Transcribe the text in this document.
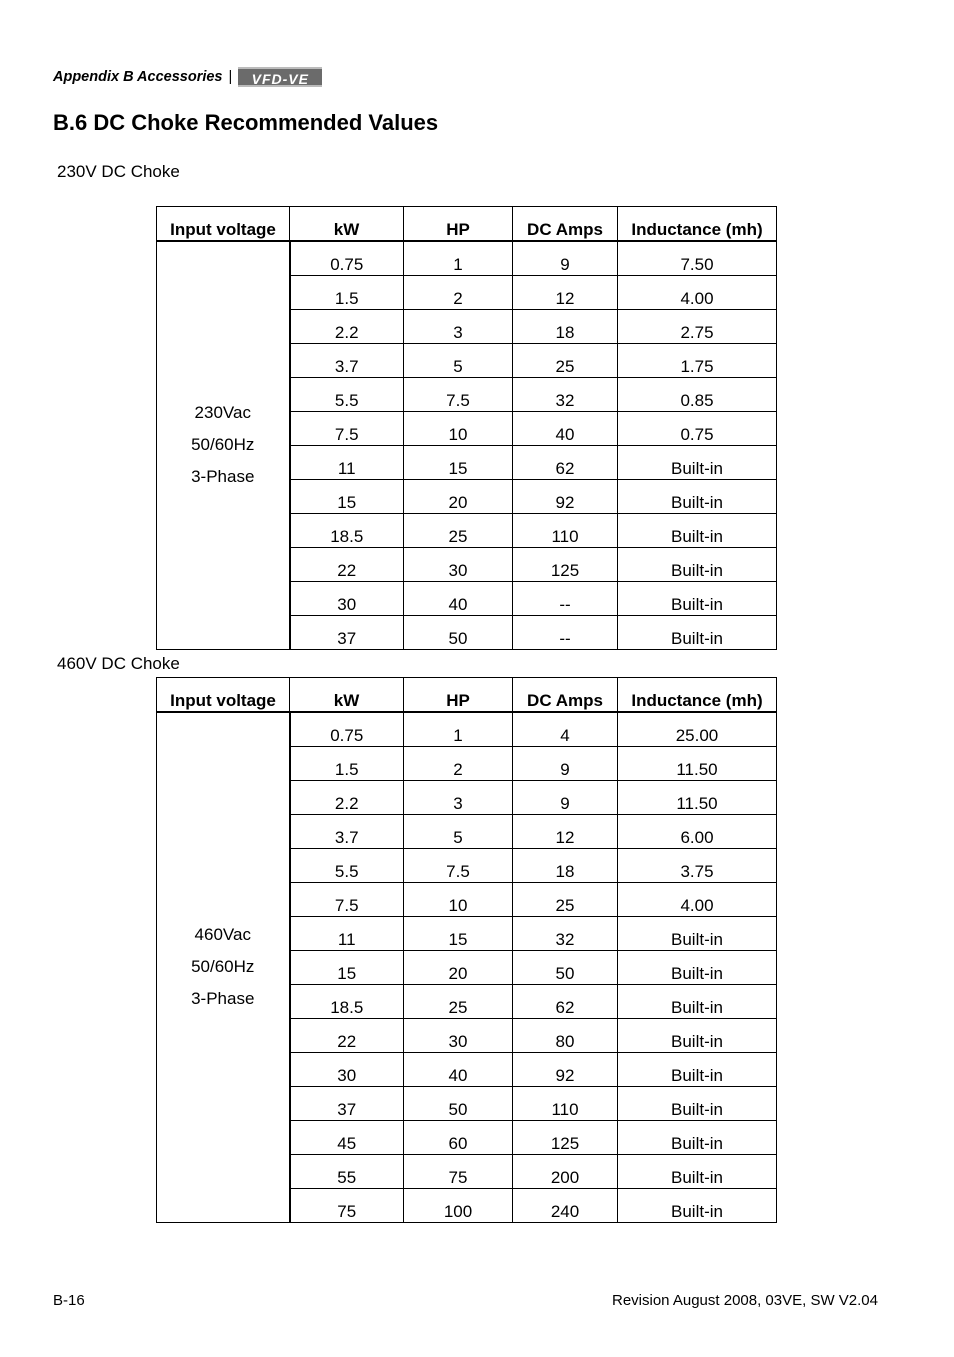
Appendix B Accessories |	VFD-VE
B.6 DC Choke Recommended Values
230V DC Choke
Input voltage	kW	HP	DC Amps	Inductance (mh)

230Vac
50/60Hz
3-Phase	0.75	1	9	7.50
	1.5	2	12	4.00
	2.2	3	18	2.75
	3.7	5	25	1.75
	5.5	7.5	32	0.85
	7.5	10	40	0.75
	11	15	62	Built-in
	15	20	92	Built-in
	18.5	25	110	Built-in
	22	30	125	Built-in
	30	40	--	Built-in
	37	50	--	Built-in
460V DC Choke
Input voltage	kW	HP	DC Amps	Inductance (mh)

460Vac
50/60Hz
3-Phase	0.75	1	4	25.00
	1.5	2	9	11.50
	2.2	3	9	11.50
	3.7	5	12	6.00
	5.5	7.5	18	3.75
	7.5	10	25	4.00
	11	15	32	Built-in
	15	20	50	Built-in
	18.5	25	62	Built-in
	22	30	80	Built-in
	30	40	92	Built-in
	37	50	110	Built-in
	45	60	125	Built-in
	55	75	200	Built-in
	75	100	240	Built-in
B-16	Revision August 2008, 03VE, SW V2.04
